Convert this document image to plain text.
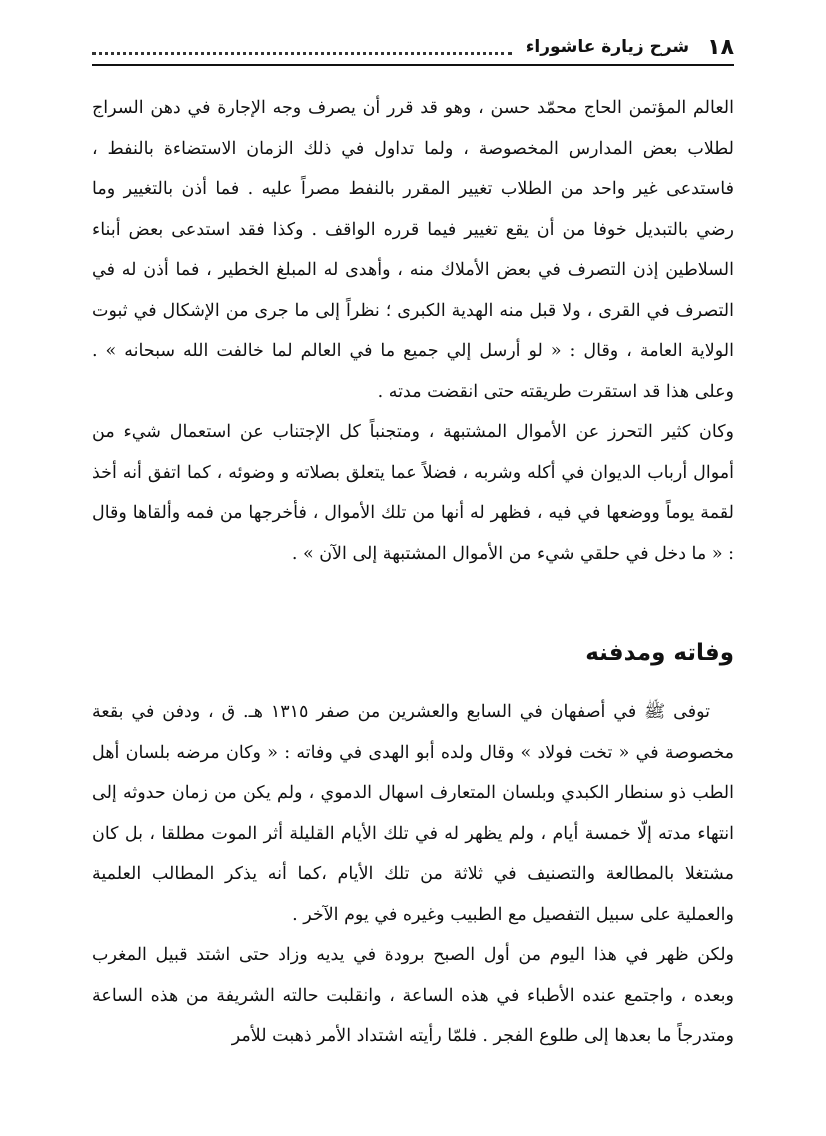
١٨
شرح زيارة عاشوراء

العالم المؤتمن الحاج محمّد حسن ، وهو قد قرر أن يصرف وجه الإجارة في دهن السراج لطلاب بعض المدارس المخصوصة ، ولما تداول في ذلك الزمان الاستضاءة بالنفط ، فاستدعى غير واحد من الطلاب تغيير المقرر بالنفط مصراً عليه . فما أذن بالتغيير وما رضي بالتبديل خوفا من أن يقع تغيير فيما قرره الواقف . وكذا فقد استدعى بعض أبناء السلاطين إذن التصرف في بعض الأملاك منه ، وأهدى له المبلغ الخطير ، فما أذن له في التصرف في القرى ، ولا قبل منه الهدية الكبرى ؛ نظراً إلى ما جرى من الإشكال في ثبوت الولاية العامة ، وقال : « لو أرسل إلي جميع ما في العالم لما خالفت الله سبحانه » . وعلى هذا قد استقرت طريقته حتى انقضت مدته .

وكان كثير التحرز عن الأموال المشتبهة ، ومتجنباً كل الإجتناب عن استعمال شيء من أموال أرباب الديوان في أكله وشربه ، فضلاً عما يتعلق بصلاته و وضوئه ، كما اتفق أنه أخذ لقمة يوماً ووضعها في فيه ، فظهر له أنها من تلك الأموال ، فأخرجها من فمه وألقاها وقال : « ما دخل في حلقي شيء من الأموال المشتبهة إلى الآن » .

وفاته ومدفنه

توفى ﷺ في أصفهان في السابع والعشرين من صفر ١٣١٥ هـ. ق ، ودفن في بقعة مخصوصة في « تخت فولاد » وقال ولده أبو الهدى في وفاته : « وكان مرضه بلسان أهل الطب ذو سنطار الكبدي وبلسان المتعارف اسهال الدموي ، ولم يكن من زمان حدوثه إلى انتهاء مدته إلّا خمسة أيام ، ولم يظهر له في تلك الأيام القليلة أثر الموت مطلقا ، بل كان مشتغلا بالمطالعة والتصنيف في ثلاثة من تلك الأيام ،كما أنه يذكر المطالب العلمية والعملية على سبيل التفصيل مع الطبيب وغيره في يوم الآخر .

ولكن ظهر في هذا اليوم من أول الصبح برودة في يديه وزاد حتى اشتد قبيل المغرب وبعده ، واجتمع عنده الأطباء في هذه الساعة ، وانقلبت حالته الشريفة من هذه الساعة ومتدرجاً ما بعدها إلى طلوع الفجر . فلمّا رأيته اشتداد الأمر ذهبت للأمر
